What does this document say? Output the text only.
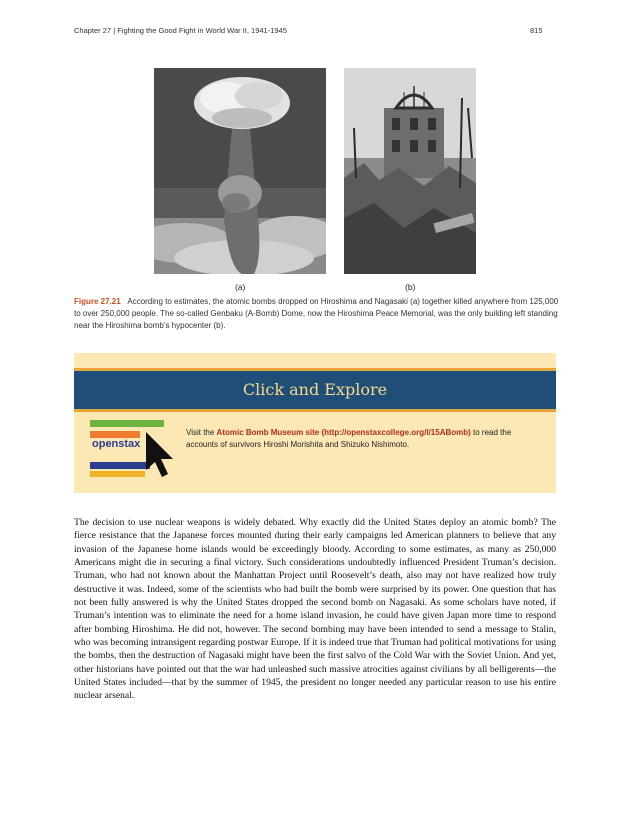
Chapter 27 | Fighting the Good Fight in World War II, 1941-1945	815
(a)	(b)
Figure 27.21 According to estimates, the atomic bombs dropped on Hiroshima and Nagasaki (a) together killed anywhere from 125,000 to over 250,000 people. The so-called Genbaku (A-Bomb) Dome, now the Hiroshima Peace Memorial, was the only building left standing near the Hiroshima bomb’s hypocenter (b).
Click and Explore
openstax
Visit the Atomic Bomb Museum site (http://openstaxcollege.org/l/15ABomb) to read the accounts of survivors Hiroshi Morishita and Shizuko Nishimoto.
The decision to use nuclear weapons is widely debated. Why exactly did the United States deploy an atomic bomb? The fierce resistance that the Japanese forces mounted during their early campaigns led American planners to believe that any invasion of the Japanese home islands would be exceedingly bloody. According to some estimates, as many as 250,000 Americans might die in securing a final victory. Such considerations undoubtedly influenced President Truman’s decision. Truman, who had not known about the Manhattan Project until Roosevelt’s death, also may not have realized how truly destructive it was. Indeed, some of the scientists who had built the bomb were surprised by its power. One question that has not been fully answered is why the United States dropped the second bomb on Nagasaki. As some scholars have noted, if Truman’s intention was to eliminate the need for a home island invasion, he could have given Japan more time to respond after bombing Hiroshima. He did not, however. The second bombing may have been intended to send a message to Stalin, who was becoming intransigent regarding postwar Europe. If it is indeed true that Truman had political motivations for using the bombs, then the destruction of Nagasaki might have been the first salvo of the Cold War with the Soviet Union. And yet, other historians have pointed out that the war had unleashed such massive atrocities against civilians by all belligerents—the United States included—that by the summer of 1945, the president no longer needed any particular reason to use his entire nuclear arsenal.
